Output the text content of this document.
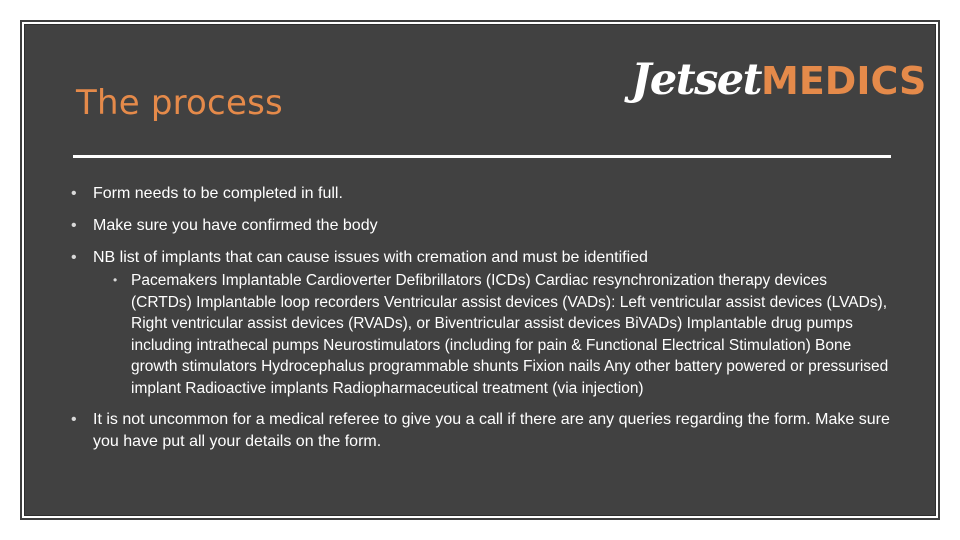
The process	JetsetMEDICS
• Form needs to be completed in full.
• Make sure you have confirmed the body
• NB list of implants that can cause issues with cremation and must be identified
• Pacemakers Implantable Cardioverter Defibrillators (ICDs) Cardiac resynchronization therapy devices (CRTDs) Implantable loop recorders Ventricular assist devices (VADs): Left ventricular assist devices (LVADs), Right ventricular assist devices (RVADs), or Biventricular assist devices BiVADs) Implantable drug pumps including intrathecal pumps Neurostimulators (including for pain & Functional Electrical Stimulation) Bone growth stimulators Hydrocephalus programmable shunts Fixion nails Any other battery powered or pressurised implant Radioactive implants Radiopharmaceutical treatment (via injection)
• It is not uncommon for a medical referee to give you a call if there are any queries regarding the form. Make sure you have put all your details on the form.
